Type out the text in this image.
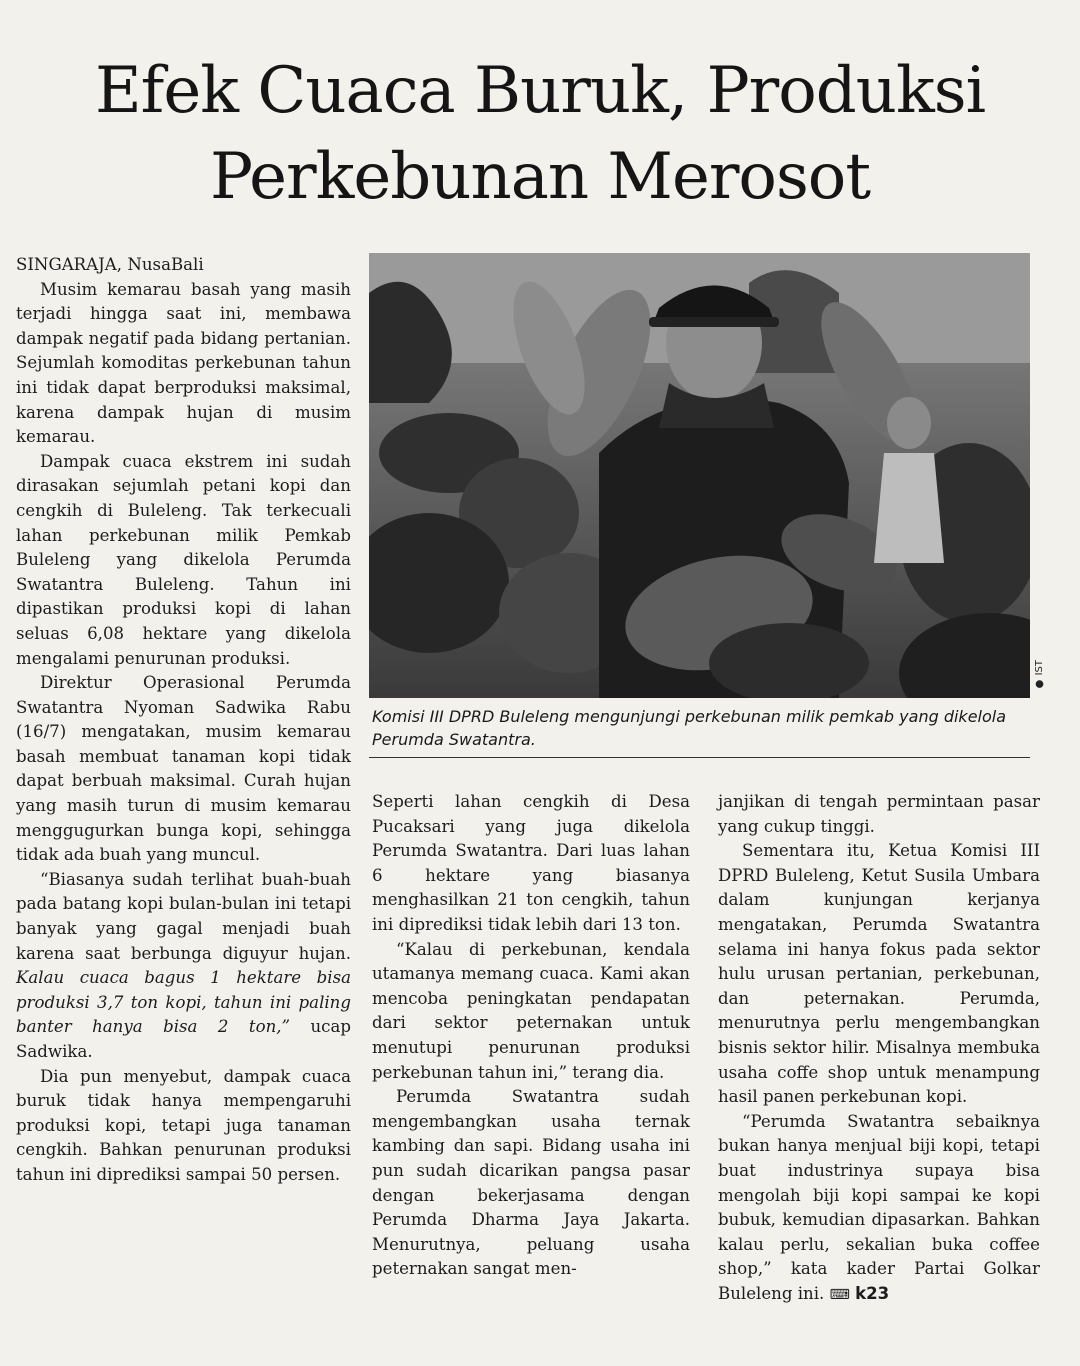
Efek Cuaca Buruk, Produksi
Perkebunan Merosot

SINGARAJA, NusaBali

Musim kemarau basah yang masih terjadi hingga saat ini, membawa dampak negatif pada bidang pertanian. Sejumlah komoditas perkebunan tahun ini tidak dapat berproduksi maksimal, karena dampak hujan di musim kemarau.

Dampak cuaca ekstrem ini sudah dirasakan sejumlah petani kopi dan cengkih di Buleleng. Tak terkecuali lahan perkebunan milik Pemkab Buleleng yang dikelola Perumda Swatantra Buleleng. Tahun ini dipastikan produksi kopi di lahan seluas 6,08 hektare yang dikelola mengalami penurunan produksi.

Direktur Operasional Perumda Swatantra Nyoman Sadwika Rabu (16/7) mengatakan, musim kemarau basah membuat tanaman kopi tidak dapat berbuah maksimal. Curah hujan yang masih turun di musim kemarau menggugurkan bunga kopi, sehingga tidak ada buah yang muncul.

“Biasanya sudah terlihat buah-buah pada batang kopi bulan-bulan ini tetapi banyak yang gagal menjadi buah karena saat berbunga diguyur hujan. Kalau cuaca bagus 1 hektare bisa produksi 3,7 ton kopi, tahun ini paling banter hanya bisa 2 ton,” ucap Sadwika.

Dia pun menyebut, dampak cuaca buruk tidak hanya mempengaruhi produksi kopi, tetapi juga tanaman cengkih. Bahkan penurunan produksi tahun ini diprediksi sampai 50 persen.

● IST
Komisi III DPRD Buleleng mengunjungi perkebunan milik pemkab yang dikelola Perumda Swatantra.

Seperti lahan cengkih di Desa Pucaksari yang juga dikelola Perumda Swatantra. Dari luas lahan 6 hektare yang biasanya menghasilkan 21 ton cengkih, tahun ini diprediksi tidak lebih dari 13 ton.

“Kalau di perkebunan, kendala utamanya memang cuaca. Kami akan mencoba peningkatan pendapatan dari sektor peternakan untuk menutupi penurunan produksi perkebunan tahun ini,” terang dia.

Perumda Swatantra sudah mengembangkan usaha ternak kambing dan sapi. Bidang usaha ini pun sudah dicarikan pangsa pasar dengan bekerjasama dengan Perumda Dharma Jaya Jakarta. Menurutnya, peluang usaha peternakan sangat men-

janjikan di tengah permintaan pasar yang cukup tinggi.

Sementara itu, Ketua Komisi III DPRD Buleleng, Ketut Susila Umbara dalam kunjungan kerjanya mengatakan, Perumda Swatantra selama ini hanya fokus pada sektor hulu urusan pertanian, perkebunan, dan peternakan. Perumda, menurutnya perlu mengembangkan bisnis sektor hilir. Misalnya membuka usaha coffe shop untuk menampung hasil panen perkebunan kopi.

“Perumda Swatantra sebaiknya bukan hanya menjual biji kopi, tetapi buat industrinya supaya bisa mengolah biji kopi sampai ke kopi bubuk, kemudian dipasarkan. Bahkan kalau perlu, sekalian buka coffee shop,” kata kader Partai Golkar Buleleng ini. ⌨ k23
